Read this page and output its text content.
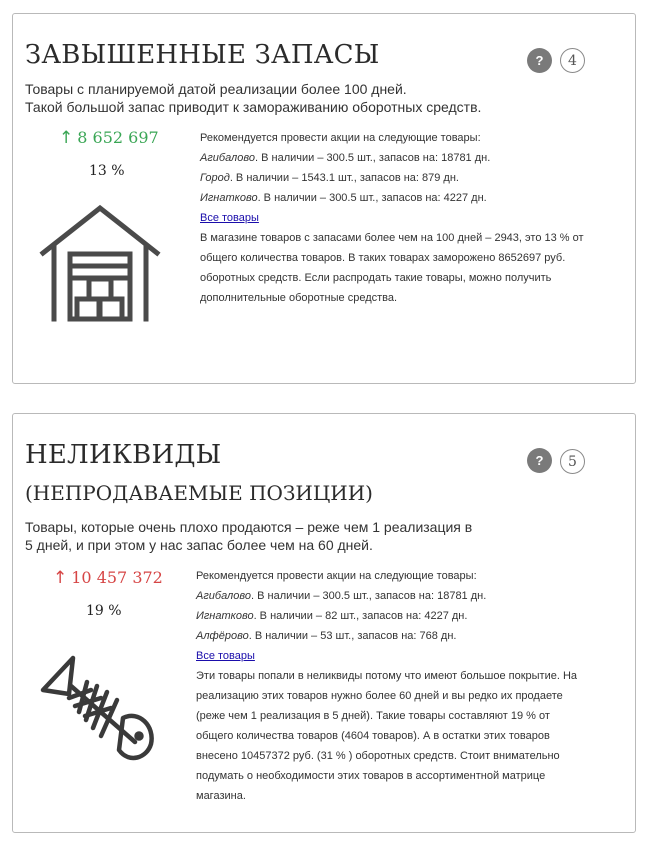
ЗАВЫШЕННЫЕ ЗАПАСЫ	?	4
Товары с планируемой датой реализации более 100 дней.
Такой большой запас приводит к замораживанию оборотных средств.
↑ 8 652 697
13 %

Рекомендуется провести акции на следующие товары:

Агибалово. В наличии – 300.5 шт., запасов на: 18781 дн.

Город. В наличии – 1543.1 шт., запасов на: 879 дн.

Игнатково. В наличии – 300.5 шт., запасов на: 4227 дн.

Все товары

В магазине товаров с запасами более чем на 100 дней – 2943, это 13 % от

общего количества товаров. В таких товарах заморожено 8652697 руб.

оборотных средств. Если распродать такие товары, можно получить

дополнительные оборотные средства.

НЕЛИКВИДЫ
(НЕПРОДАВАЕМЫЕ ПОЗИЦИИ)
?	5
Товары, которые очень плохо продаются – реже чем 1 реализация в
5 дней, и при этом у нас запас более чем на 60 дней.
↑ 10 457 372
19 %

Рекомендуется провести акции на следующие товары:

Агибалово. В наличии – 300.5 шт., запасов на: 18781 дн.

Игнатково. В наличии – 82 шт., запасов на: 4227 дн.

Алфёрово. В наличии – 53 шт., запасов на: 768 дн.

Все товары

Эти товары попали в неликвиды потому что имеют большое покрытие. На

реализацию этих товаров нужно более 60 дней и вы редко их продаете

(реже чем 1 реализация в 5 дней). Такие товары составляют 19 % от

общего количества товаров (4604 товаров). А в остатки этих товаров

внесено 10457372 руб. (31 % ) оборотных средств. Стоит внимательно

подумать о необходимости этих товаров в ассортиментной матрице

магазина.
